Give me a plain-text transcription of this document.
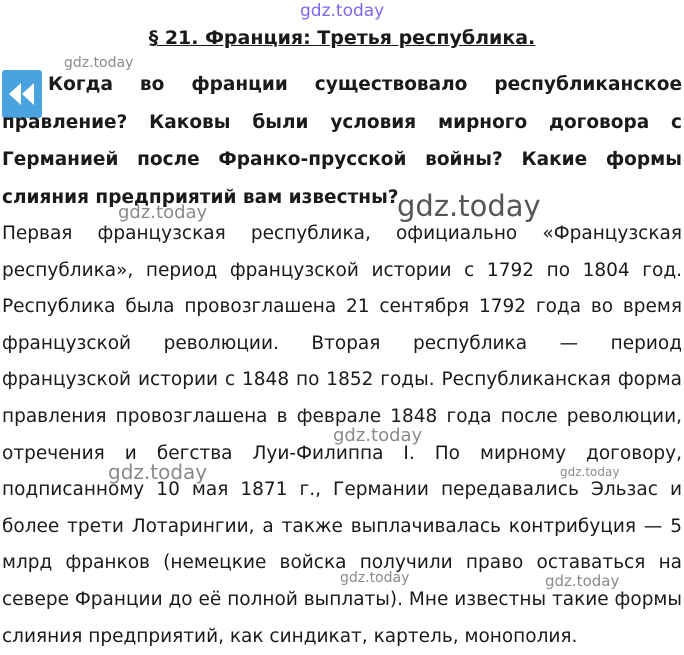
§ 21. Франция: Третья республика.

Когда во франции существовало республиканское правление? Каковы были условия мирного договора с Германией после Франко-прусской войны? Какие формы слияния предприятий вам известны?

Первая французская республика, официально «Французская республика», период французской истории с 1792 по 1804 год. Республика была провозглашена 21 сентября 1792 года во время французской революции. Вторая республика — период французской истории с 1848 по 1852 годы. Республиканская форма правления провозглашена в феврале 1848 года после революции, отречения и бегства Луи-Филиппа I. По мирному договору, подписанному 10 мая 1871 г., Германии передавались Эльзас и более трети Лотарингии, а также выплачивалась контрибуция — 5 млрд франков (немецкие войска получили право оставаться на севере Франции до её полной выплаты). Мне известны такие формы слияния предприятий, как синдикат, картель, монополия.

gdz.today
gdz.today
gdz.today	gdz.today
gdz.today
gdz.today	gdz.today
gdz.today	gdz.today
